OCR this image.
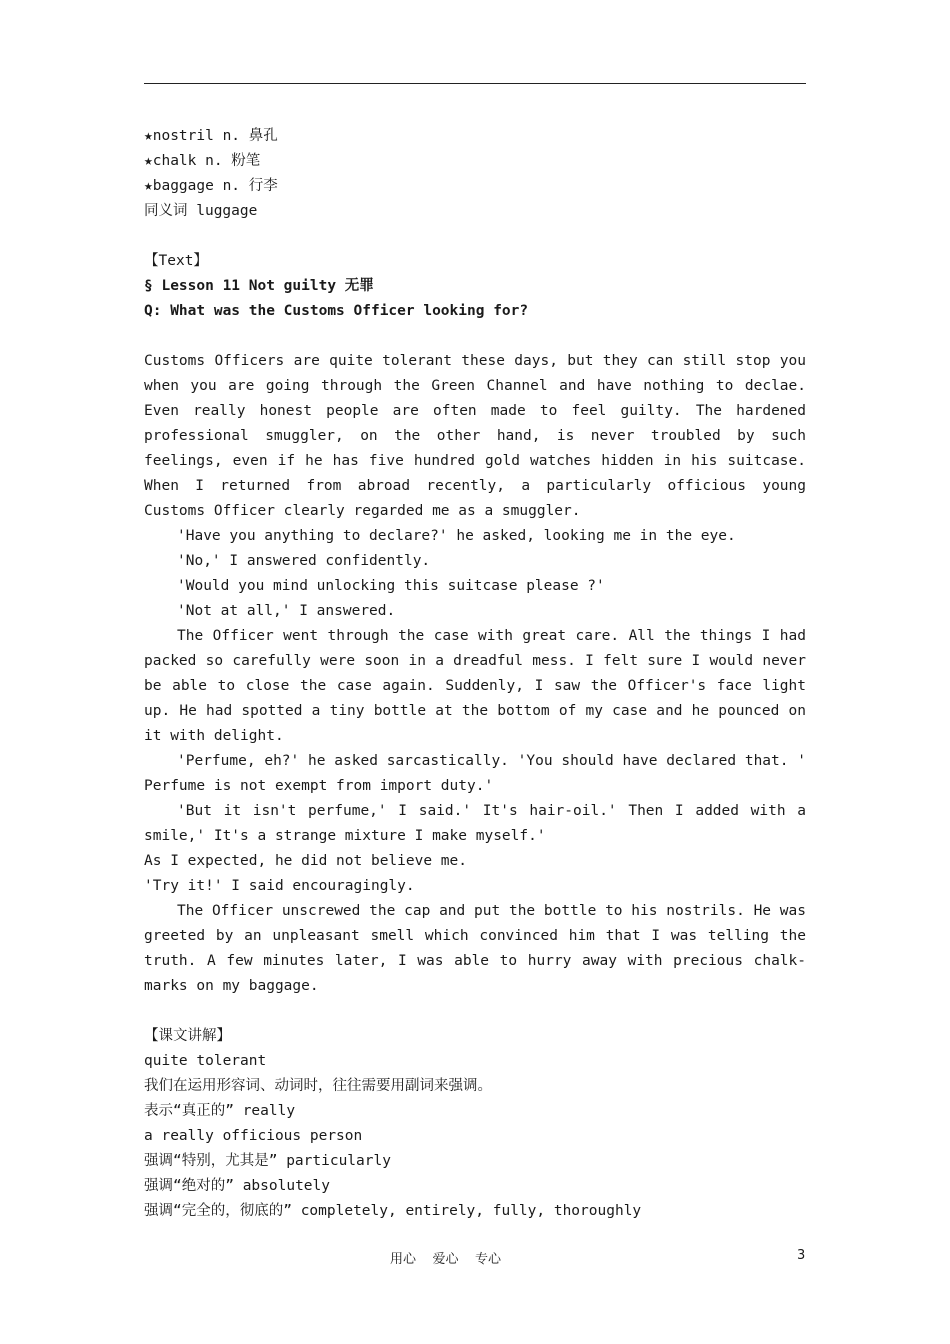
★nostril n. 鼻孔
★chalk n. 粉笔
★baggage n. 行李
同义词 luggage
【Text】
§ Lesson 11 Not guilty 无罪
Q: What was the Customs Officer looking for?
Customs Officers are quite tolerant these days, but they can still stop you when you are going through the Green Channel and have nothing to declae. Even really honest people are often made to feel guilty. The hardened professional smuggler, on the other hand, is never troubled by such feelings, even if he has five hundred gold watches hidden in his suitcase. When I returned from abroad recently, a particularly officious young Customs Officer clearly regarded me as a smuggler.
'Have you anything to declare?' he asked, looking me in the eye.
'No,' I answered confidently.
'Would you mind unlocking this suitcase please ?'
'Not at all,' I answered.
The Officer went through the case with great care. All the things I had packed so carefully were soon in a dreadful mess. I felt sure I would never be able to close the case again. Suddenly, I saw the Officer's face light up. He had spotted a tiny bottle at the bottom of my case and he pounced on it with delight.
'Perfume, eh?' he asked sarcastically. 'You should have declared that. ' Perfume is not exempt from import duty.'
'But it isn't perfume,' I said.' It's hair-oil.' Then I added with a smile,' It's a strange mixture I make myself.'
As I expected, he did not believe me.
'Try it!' I said encouragingly.
The Officer unscrewed the cap and put the bottle to his nostrils. He was greeted by an unpleasant smell which convinced him that I was telling the truth. A few minutes later, I was able to hurry away with precious chalk-marks on my baggage.
【课文讲解】
quite tolerant
我们在运用形容词、动词时，往往需要用副词来强调。
表示“真正的” really
a really officious person
强调“特别，尤其是” particularly
强调“绝对的” absolutely
强调“完全的，彻底的” completely, entirely, fully, thoroughly
用心    爱心    专心	3
